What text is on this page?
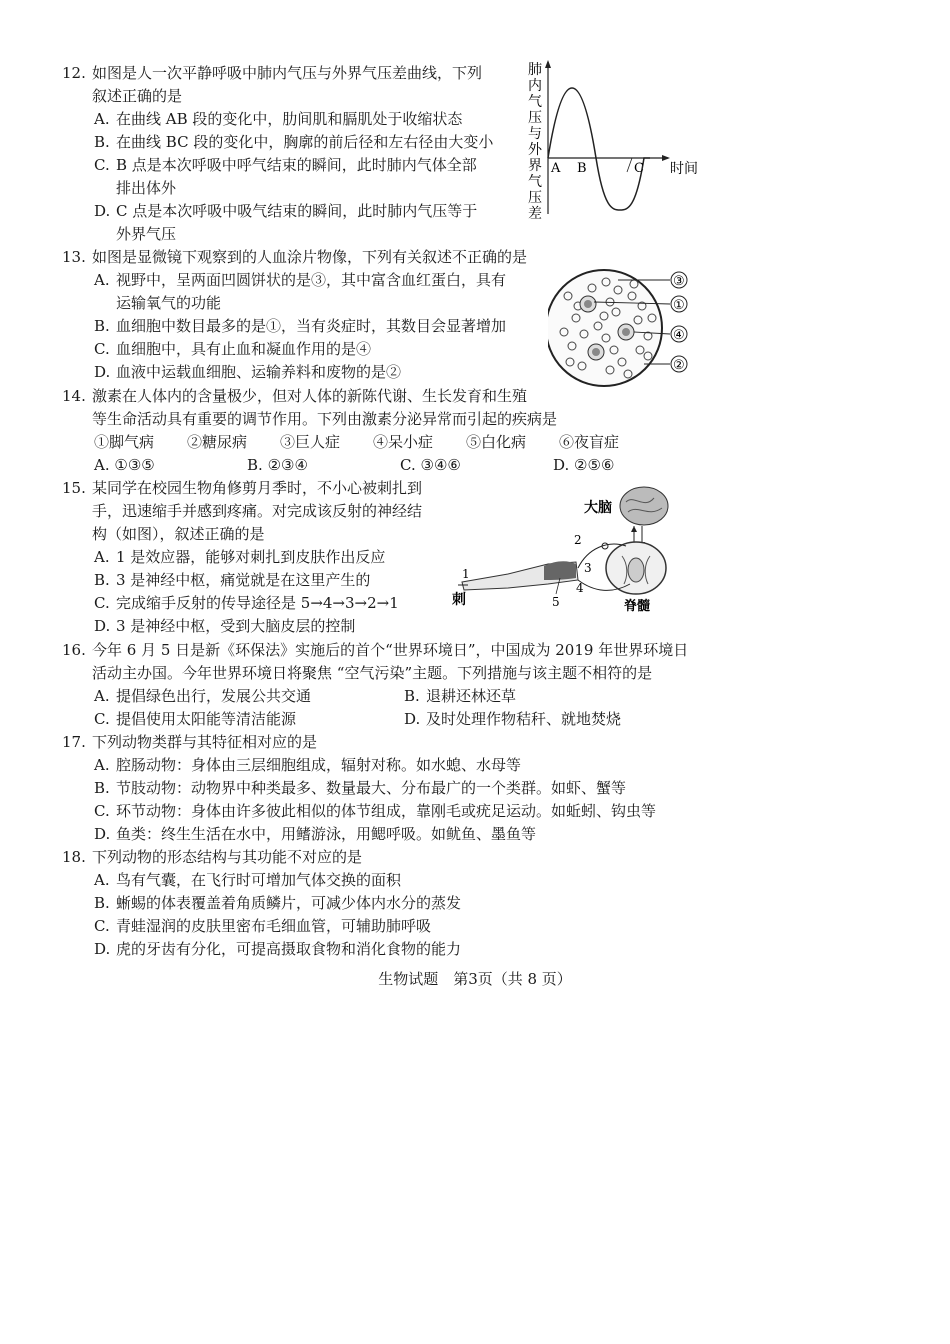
12. 如图是人一次平静呼吸中肺内气压与外界气压差曲线，下列
叙述正确的是
A. 在曲线 AB 段的变化中，肋间肌和膈肌处于收缩状态
B. 在曲线 BC 段的变化中，胸廓的前后径和左右径由大变小
C. B 点是本次呼吸中呼气结束的瞬间，此时肺内气体全部
排出体外
D. C 点是本次呼吸中吸气结束的瞬间，此时肺内气压等于
外界气压
肺
内
气
压
与
外
界
气
压
差
A B	C 时间
13. 如图是显微镜下观察到的人血涂片物像，下列有关叙述不正确的是
A. 视野中，呈两面凹圆饼状的是③，其中富含血红蛋白，具有
运输氧气的功能
B. 血细胞中数目最多的是①，当有炎症时，其数目会显著增加
C. 血细胞中，具有止血和凝血作用的是④
D. 血液中运载血细胞、运输养料和废物的是②
③
①
④
②
14. 激素在人体内的含量极少，但对人体的新陈代谢、生长发育和生殖
等生命活动具有重要的调节作用。下列由激素分泌异常而引起的疾病是
①脚气病 ②糖尿病 ③巨人症 ④呆小症 ⑤白化病 ⑥夜盲症
A. ①③⑤	B. ②③④	C. ③④⑥	D. ②⑤⑥
15. 某同学在校园生物角修剪月季时，不小心被刺扎到
手，迅速缩手并感到疼痛。对完成该反射的神经结
构（如图），叙述正确的是
A. 1 是效应器，能够对刺扎到皮肤作出反应
B. 3 是神经中枢，痛觉就是在这里产生的
C. 完成缩手反射的传导途径是 5→4→3→2→1
D. 3 是神经中枢，受到大脑皮层的控制
大脑
刺	脊髓
1
2
3
4
5
16. 今年 6 月 5 日是新《环保法》实施后的首个“世界环境日”，中国成为 2019 年世界环境日
活动主办国。今年世界环境日将聚焦 “空气污染”主题。下列措施与该主题不相符的是
A. 提倡绿色出行，发展公共交通	B. 退耕还林还草
C. 提倡使用太阳能等清洁能源	D. 及时处理作物秸秆、就地焚烧
17. 下列动物类群与其特征相对应的是
A. 腔肠动物：身体由三层细胞组成，辐射对称。如水螅、水母等
B. 节肢动物：动物界中种类最多、数量最大、分布最广的一个类群。如虾、蟹等
C. 环节动物：身体由许多彼此相似的体节组成，靠刚毛或疣足运动。如蚯蚓、钩虫等
D. 鱼类：终生生活在水中，用鳍游泳，用鳃呼吸。如鱿鱼、墨鱼等
18. 下列动物的形态结构与其功能不对应的是
A. 鸟有气囊，在飞行时可增加气体交换的面积
B. 蜥蜴的体表覆盖着角质鳞片，可减少体内水分的蒸发
C. 青蛙湿润的皮肤里密布毛细血管，可辅助肺呼吸
D. 虎的牙齿有分化，可提高摄取食物和消化食物的能力
生物试题　第3页（共 8 页）
